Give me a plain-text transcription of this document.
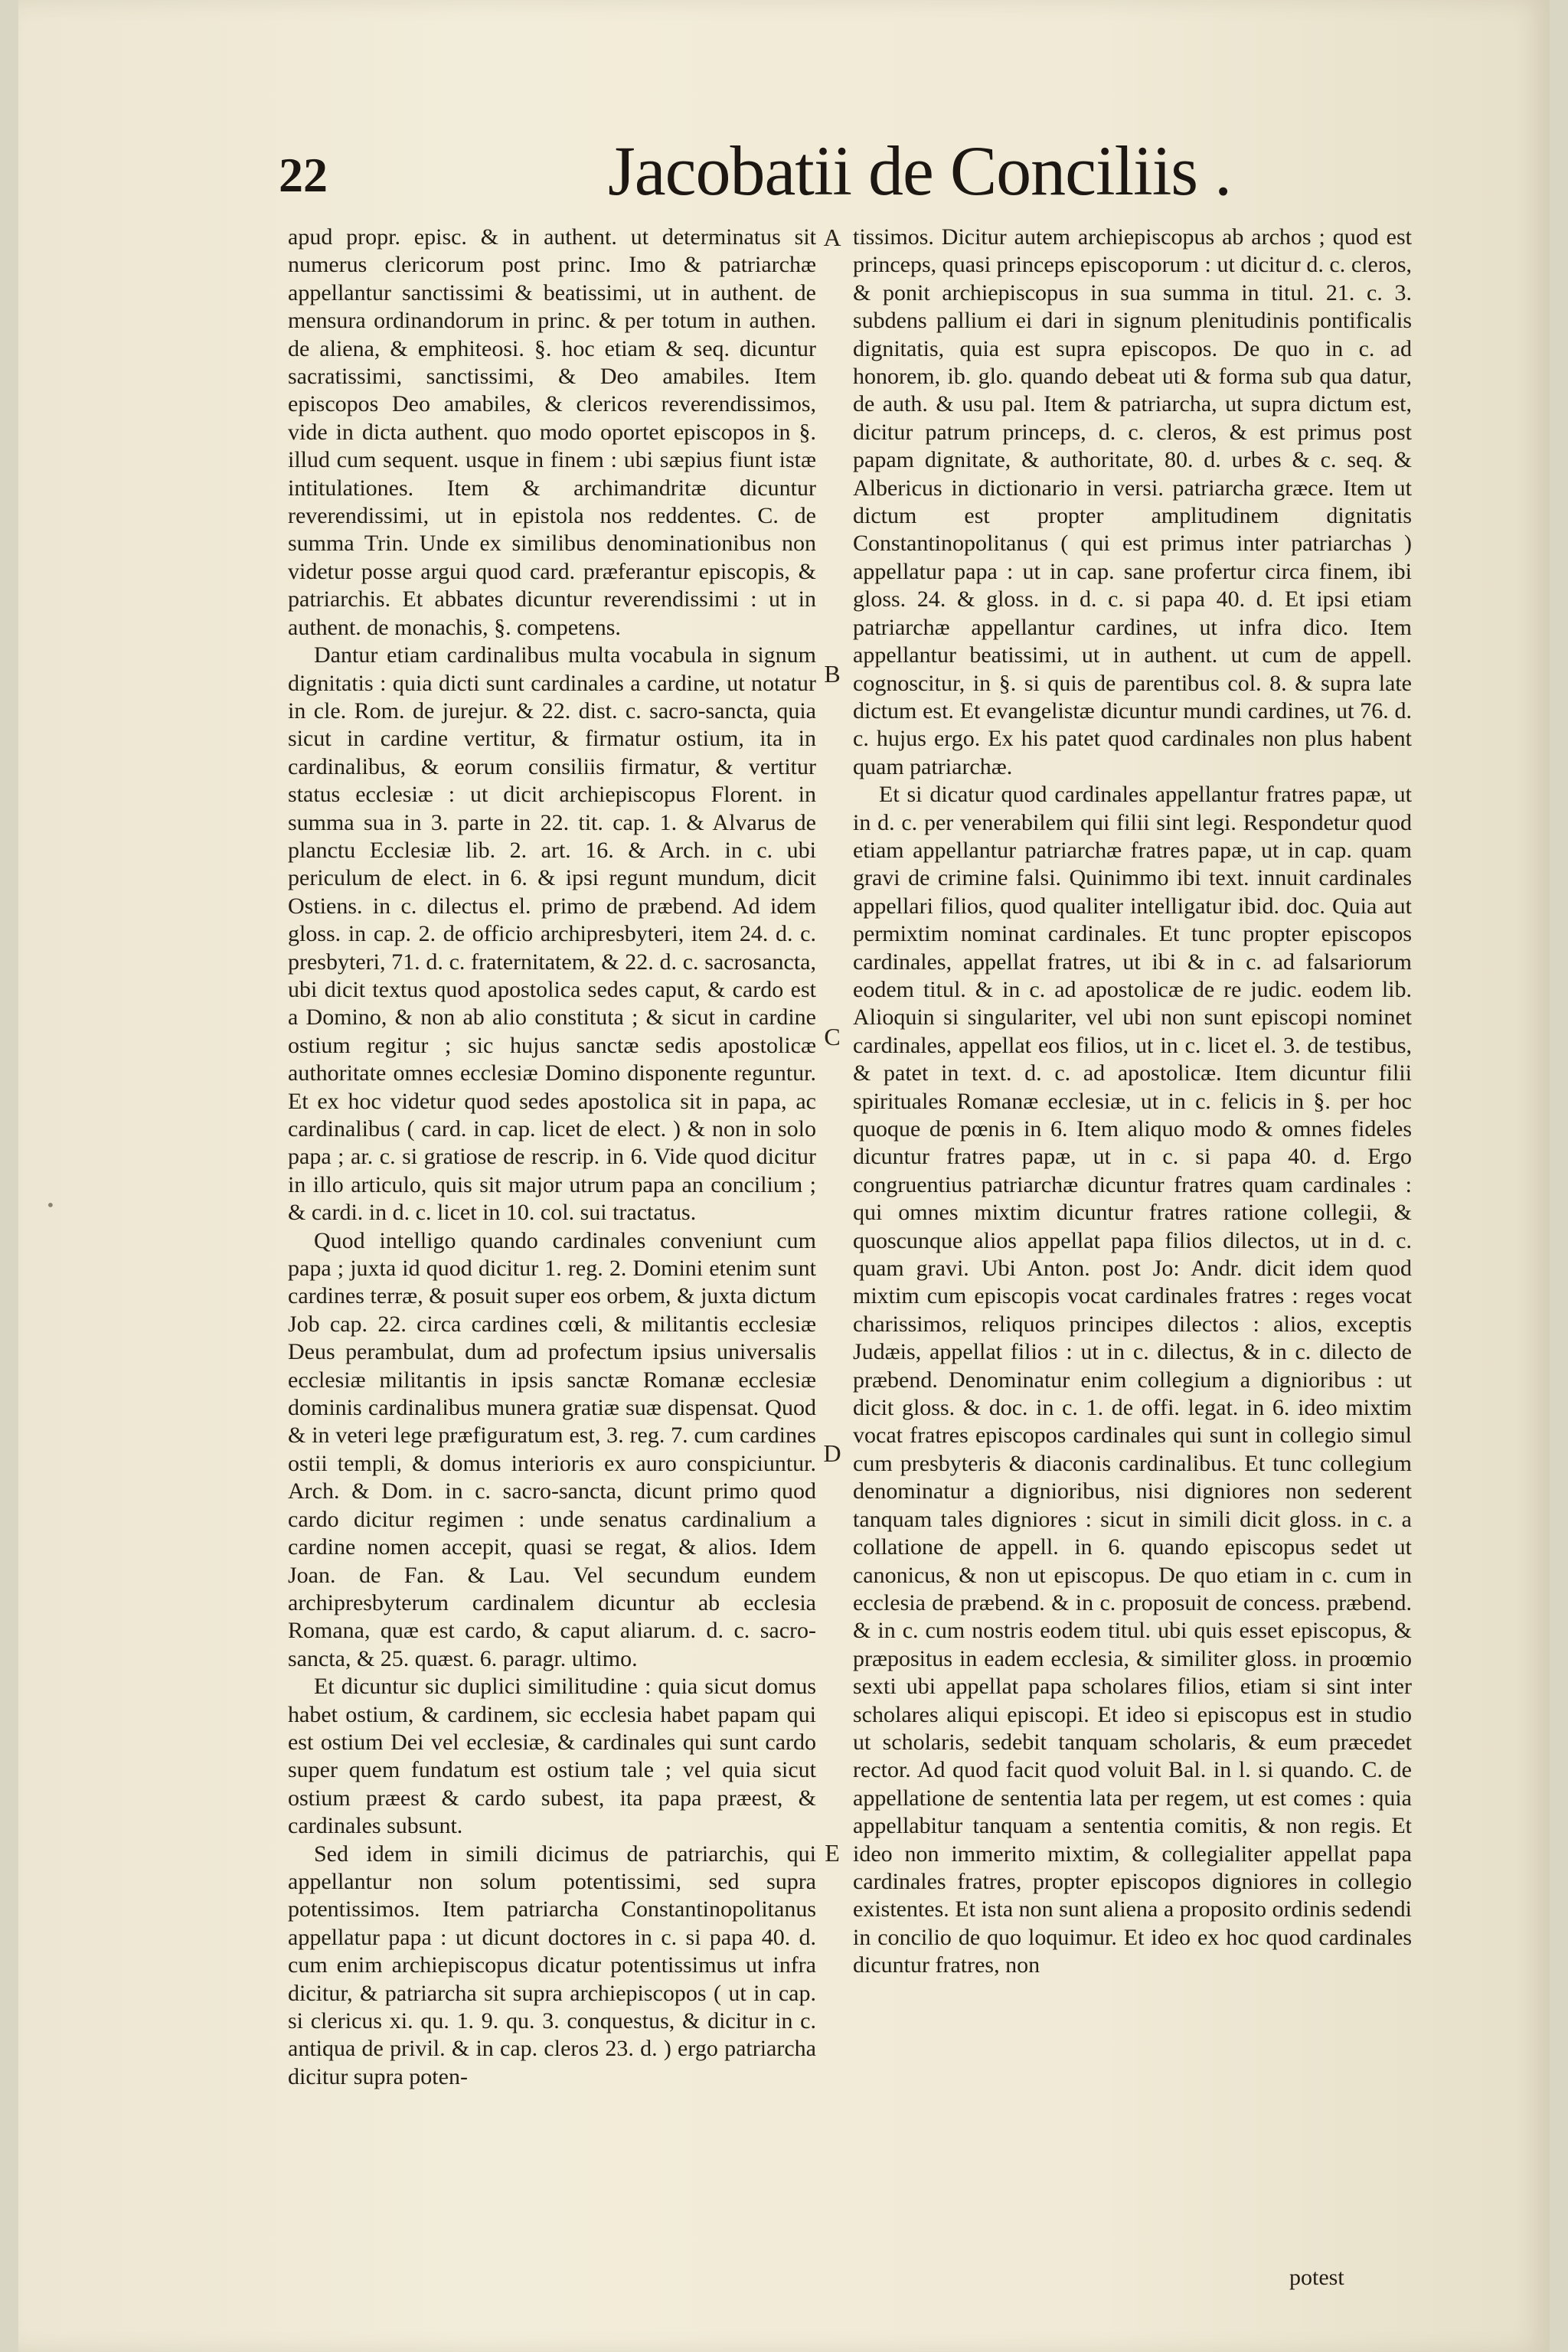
22	Jacobatii de Conciliis .

apud propr. episc. & in authent. ut determinatus sit numerus clericorum post princ. Imo & patriarchæ appellantur sanctissimi & beatissimi, ut in authent. de mensura ordinandorum in princ. & per totum in authen. de aliena, & emphiteosi. §. hoc etiam & seq. dicuntur sacratissimi, sanctissimi, & Deo amabiles. Item episcopos Deo amabiles, & clericos reverendissimos, vide in dicta authent. quo modo oportet episcopos in §. illud cum sequent. usque in finem : ubi sæpius fiunt istæ intitulationes. Item & archimandritæ dicuntur reverendissimi, ut in epistola nos reddentes. C. de summa Trin. Unde ex similibus denominationibus non videtur posse argui quod card. præferantur episcopis, & patriarchis. Et abbates dicuntur reverendissimi : ut in authent. de monachis, §. competens.

Dantur etiam cardinalibus multa vocabula in signum dignitatis : quia dicti sunt cardinales a cardine, ut notatur in cle. Rom. de jurejur. & 22. dist. c. sacro-sancta, quia sicut in cardine vertitur, & firmatur ostium, ita in cardinalibus, & eorum consiliis firmatur, & vertitur status ecclesiæ : ut dicit archiepiscopus Florent. in summa sua in 3. parte in 22. tit. cap. 1. & Alvarus de planctu Ecclesiæ lib. 2. art. 16. & Arch. in c. ubi periculum de elect. in 6. & ipsi regunt mundum, dicit Ostiens. in c. dilectus el. primo de præbend. Ad idem gloss. in cap. 2. de officio archipresbyteri, item 24. d. c. presbyteri, 71. d. c. fraternitatem, & 22. d. c. sacrosancta, ubi dicit textus quod apostolica sedes caput, & cardo est a Domino, & non ab alio constituta ; & sicut in cardine ostium regitur ; sic hujus sanctæ sedis apostolicæ authoritate omnes ecclesiæ Domino disponente reguntur. Et ex hoc videtur quod sedes apostolica sit in papa, ac cardinalibus ( card. in cap. licet de elect. ) & non in solo papa ; ar. c. si gratiose de rescrip. in 6. Vide quod dicitur in illo articulo, quis sit major utrum papa an concilium ; & cardi. in d. c. licet in 10. col. sui tractatus.

Quod intelligo quando cardinales conveniunt cum papa ; juxta id quod dicitur 1. reg. 2. Domini etenim sunt cardines terræ, & posuit super eos orbem, & juxta dictum Job cap. 22. circa cardines cœli, & militantis ecclesiæ Deus perambulat, dum ad profectum ipsius universalis ecclesiæ militantis in ipsis sanctæ Romanæ ecclesiæ dominis cardinalibus munera gratiæ suæ dispensat. Quod & in veteri lege præfiguratum est, 3. reg. 7. cum cardines ostii templi, & domus interioris ex auro conspiciuntur. Arch. & Dom. in c. sacro-sancta, dicunt primo quod cardo dicitur regimen : unde senatus cardinalium a cardine nomen accepit, quasi se regat, & alios. Idem Joan. de Fan. & Lau. Vel secundum eundem archipresbyterum cardinalem dicuntur ab ecclesia Romana, quæ est cardo, & caput aliarum. d. c. sacro-sancta, & 25. quæst. 6. paragr. ultimo.

Et dicuntur sic duplici similitudine : quia sicut domus habet ostium, & cardinem, sic ecclesia habet papam qui est ostium Dei vel ecclesiæ, & cardinales qui sunt cardo super quem fundatum est ostium tale ; vel quia sicut ostium præest & cardo subest, ita papa præest, & cardinales subsunt.

Sed idem in simili dicimus de patriarchis, qui appellantur non solum potentissimi, sed supra potentissimos. Item patriarcha Constantinopolitanus appellatur papa : ut dicunt doctores in c. si papa 40. d. cum enim archiepiscopus dicatur potentissimus ut infra dicitur, & patriarcha sit supra archiepiscopos ( ut in cap. si clericus xi. qu. 1. 9. qu. 3. conquestus, & dicitur in c. antiqua de privil. & in cap. cleros 23. d. ) ergo patriarcha dicitur supra poten-

A
B
C
D
E

tissimos. Dicitur autem archiepiscopus ab archos ; quod est princeps, quasi princeps episcoporum : ut dicitur d. c. cleros, & ponit archiepiscopus in sua summa in titul. 21. c. 3. subdens pallium ei dari in signum plenitudinis pontificalis dignitatis, quia est supra episcopos. De quo in c. ad honorem, ib. glo. quando debeat uti & forma sub qua datur, de auth. & usu pal. Item & patriarcha, ut supra dictum est, dicitur patrum princeps, d. c. cleros, & est primus post papam dignitate, & authoritate, 80. d. urbes & c. seq. & Albericus in dictionario in versi. patriarcha græce. Item ut dictum est propter amplitudinem dignitatis Constantinopolitanus ( qui est primus inter patriarchas ) appellatur papa : ut in cap. sane profertur circa finem, ibi gloss. 24. & gloss. in d. c. si papa 40. d. Et ipsi etiam patriarchæ appellantur cardines, ut infra dico. Item appellantur beatissimi, ut in authent. ut cum de appell. cognoscitur, in §. si quis de parentibus col. 8. & supra late dictum est. Et evangelistæ dicuntur mundi cardines, ut 76. d. c. hujus ergo. Ex his patet quod cardinales non plus habent quam patriarchæ.

Et si dicatur quod cardinales appellantur fratres papæ, ut in d. c. per venerabilem qui filii sint legi. Respondetur quod etiam appellantur patriarchæ fratres papæ, ut in cap. quam gravi de crimine falsi. Quinimmo ibi text. innuit cardinales appellari filios, quod qualiter intelligatur ibid. doc. Quia aut permixtim nominat cardinales. Et tunc propter episcopos cardinales, appellat fratres, ut ibi & in c. ad falsariorum eodem titul. & in c. ad apostolicæ de re judic. eodem lib. Alioquin si singulariter, vel ubi non sunt episcopi nominet cardinales, appellat eos filios, ut in c. licet el. 3. de testibus, & patet in text. d. c. ad apostolicæ. Item dicuntur filii spirituales Romanæ ecclesiæ, ut in c. felicis in §. per hoc quoque de pœnis in 6. Item aliquo modo & omnes fideles dicuntur fratres papæ, ut in c. si papa 40. d. Ergo congruentius patriarchæ dicuntur fratres quam cardinales : qui omnes mixtim dicuntur fratres ratione collegii, & quoscunque alios appellat papa filios dilectos, ut in d. c. quam gravi. Ubi Anton. post Jo: Andr. dicit idem quod mixtim cum episcopis vocat cardinales fratres : reges vocat charissimos, reliquos principes dilectos : alios, exceptis Judæis, appellat filios : ut in c. dilectus, & in c. dilecto de præbend. Denominatur enim collegium a dignioribus : ut dicit gloss. & doc. in c. 1. de offi. legat. in 6. ideo mixtim vocat fratres episcopos cardinales qui sunt in collegio simul cum presbyteris & diaconis cardinalibus. Et tunc collegium denominatur a dignioribus, nisi digniores non sederent tanquam tales digniores : sicut in simili dicit gloss. in c. a collatione de appell. in 6. quando episcopus sedet ut canonicus, & non ut episcopus. De quo etiam in c. cum in ecclesia de præbend. & in c. proposuit de concess. præbend. & in c. cum nostris eodem titul. ubi quis esset episcopus, & præpositus in eadem ecclesia, & similiter gloss. in proœmio sexti ubi appellat papa scholares filios, etiam si sint inter scholares aliqui episcopi. Et ideo si episcopus est in studio ut scholaris, sedebit tanquam scholaris, & eum præcedet rector. Ad quod facit quod voluit Bal. in l. si quando. C. de appellatione de sententia lata per regem, ut est comes : quia appellabitur tanquam a sententia comitis, & non regis. Et ideo non immerito mixtim, & collegialiter appellat papa cardinales fratres, propter episcopos digniores in collegio existentes. Et ista non sunt aliena a proposito ordinis sedendi in concilio de quo loquimur. Et ideo ex hoc quod cardinales dicuntur fratres, non

potest
•
